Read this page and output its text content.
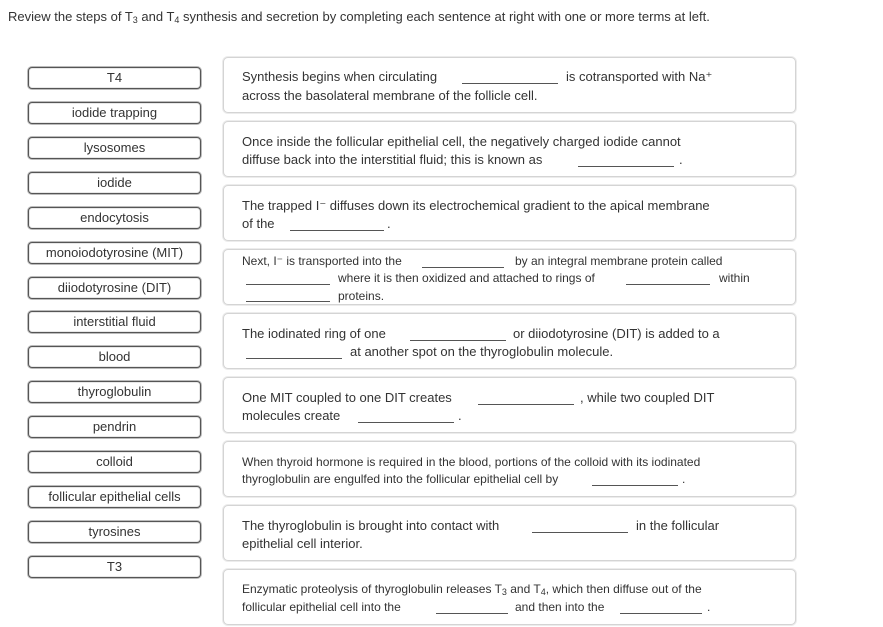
Review the steps of $T_3$ and $T_4$ synthesis and secretion by completing each sentence at right with one or more terms at left.
T4
iodide trapping
lysosomes
iodide
endocytosis
monoiodotyrosine (MIT)
diiodotyrosine (DIT)
interstitial fluid
blood
thyroglobulin
pendrin
colloid
follicular epithelial cells
tyrosines
T3
Synthesis begins when circulating	is cotransported with Na⁺
across the basolateral membrane of the follicle cell.
Once inside the follicular epithelial cell, the negatively charged iodide cannot
diffuse back into the interstitial fluid; this is known as	.
The trapped I⁻ diffuses down its electrochemical gradient to the apical membrane
of the	.
Next, I⁻ is transported into the	by an integral membrane protein called
where it is then oxidized and attached to rings of	within
proteins.
The iodinated ring of one	or diiodotyrosine (DIT) is added to a
at another spot on the thyroglobulin molecule.
One MIT coupled to one DIT creates	, while two coupled DIT
molecules create	.
When thyroid hormone is required in the blood, portions of the colloid with its iodinated
thyroglobulin are engulfed into the follicular epithelial cell by	.
The thyroglobulin is brought into contact with	in the follicular
epithelial cell interior.
Enzymatic proteolysis of thyroglobulin releases $T_3$ and $T_4$, which then diffuse out of the
follicular epithelial cell into the	and then into the	.
